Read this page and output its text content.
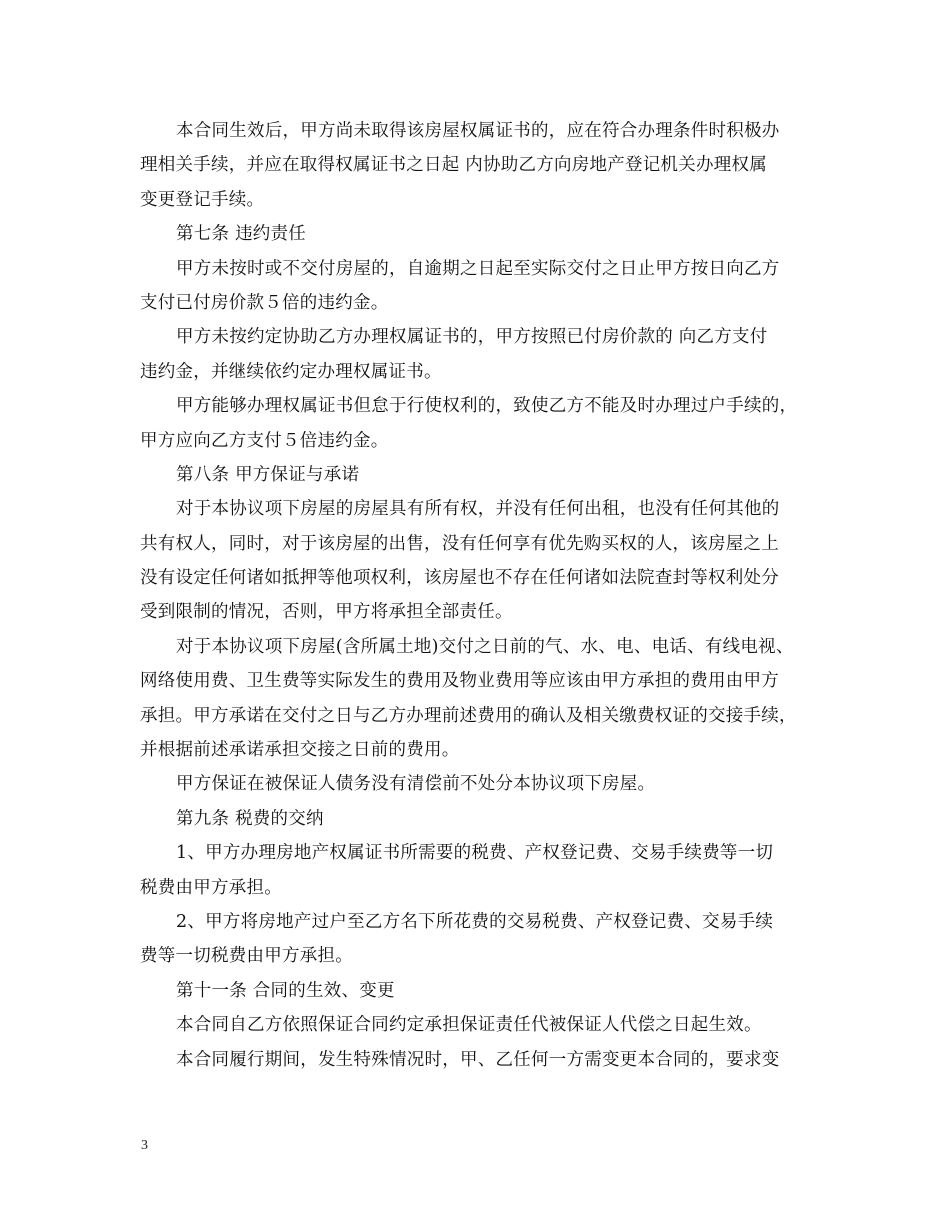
本合同生效后，甲方尚未取得该房屋权属证书的，应在符合办理条件时积极办
理相关手续，并应在取得权属证书之日起 内协助乙方向房地产登记机关办理权属
变更登记手续。
第七条 违约责任
甲方未按时或不交付房屋的，自逾期之日起至实际交付之日止甲方按日向乙方
支付已付房价款５倍的违约金。
甲方未按约定协助乙方办理权属证书的，甲方按照已付房价款的 向乙方支付
违约金，并继续依约定办理权属证书。
甲方能够办理权属证书但怠于行使权利的，致使乙方不能及时办理过户手续的，
甲方应向乙方支付５倍违约金。
第八条 甲方保证与承诺
对于本协议项下房屋的房屋具有所有权，并没有任何出租，也没有任何其他的
共有权人，同时，对于该房屋的出售，没有任何享有优先购买权的人，该房屋之上
没有设定任何诸如抵押等他项权利，该房屋也不存在任何诸如法院查封等权利处分
受到限制的情况，否则，甲方将承担全部责任。
对于本协议项下房屋(含所属土地)交付之日前的气、水、电、电话、有线电视、
网络使用费、卫生费等实际发生的费用及物业费用等应该由甲方承担的费用由甲方
承担。甲方承诺在交付之日与乙方办理前述费用的确认及相关缴费权证的交接手续，
并根据前述承诺承担交接之日前的费用。
甲方保证在被保证人债务没有清偿前不处分本协议项下房屋。
第九条 税费的交纳
1、甲方办理房地产权属证书所需要的税费、产权登记费、交易手续费等一切
税费由甲方承担。
2、甲方将房地产过户至乙方名下所花费的交易税费、产权登记费、交易手续
费等一切税费由甲方承担。
第十一条 合同的生效、变更
本合同自乙方依照保证合同约定承担保证责任代被保证人代偿之日起生效。
本合同履行期间，发生特殊情况时，甲、乙任何一方需变更本合同的，要求变
3
